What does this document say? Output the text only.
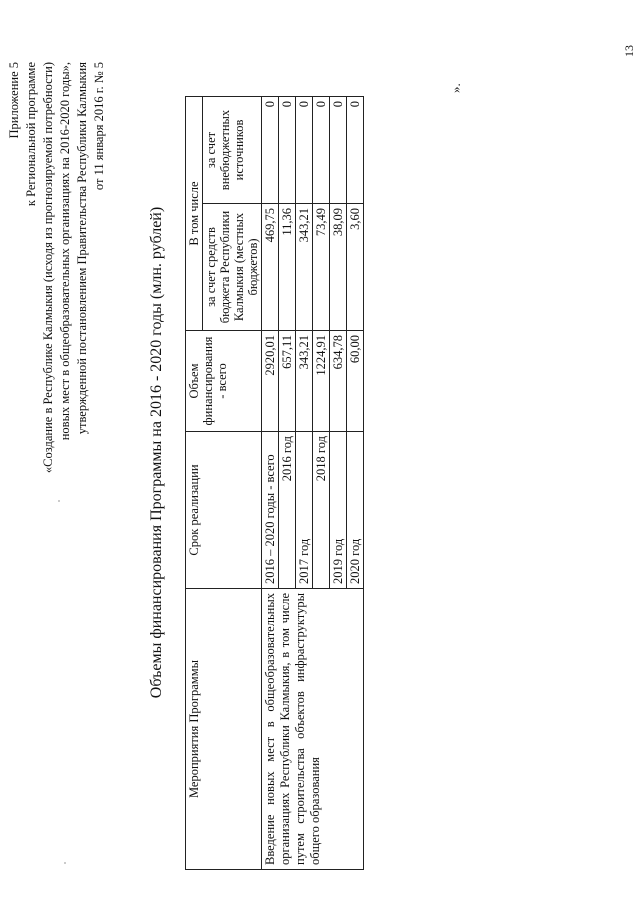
Приложение 5 к Региональной программе «Создание в Республике Калмыкия (исходя из прогнозируемой потребности) новых мест в общеобразовательных организациях на 2016-2020 годы», утвержденной постановлением Правительства Республики Калмыкия от 11 января 2016 г. № 5
Объемы финансирования Программы на 2016 - 2020 годы (млн. рублей)
Мероприятия Программы	Срок реализации	Объем финансирования - всего	В том числе	
			за счет средств бюджета Республики Калмыкия (местных бюджетов)	за счет внебюджетных источников
Введение новых мест в общеобразовательных организациях Республики Калмыкия, в том числе путем строительства объектов инфраструктуры общего образования	2016 – 2020 годы - всего	2920,01	469,75	0
	2016 год	657,11	11,36	0
	2017 год	343,21	343,21	0
	2018 год	1224,91	73,49	0
	2019 год	634,78	38,09	0
	2020 год	60,00	3,60	0
».
13
